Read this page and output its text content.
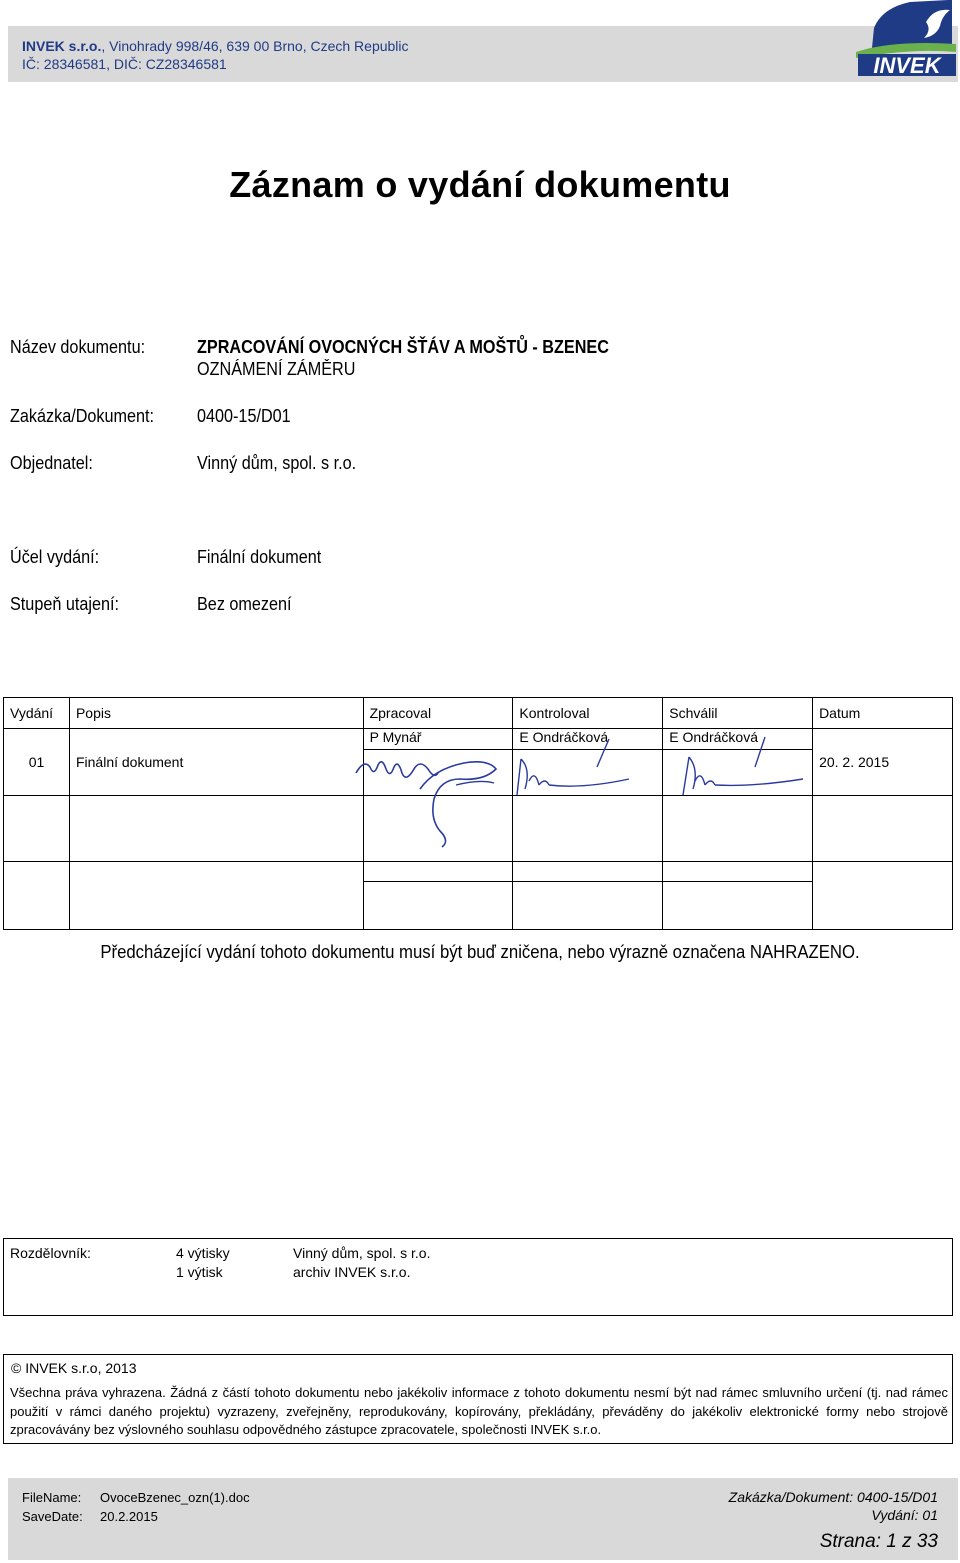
INVEK s.r.o., Vinohrady 998/46, 639 00 Brno, Czech Republic
IČ: 28346581, DIČ: CZ28346581	INVEK
Záznam o vydání dokumentu
Název dokumentu:	ZPRACOVÁNÍ OVOCNÝCH ŠŤÁV A MOŠTŮ - BZENEC
OZNÁMENÍ ZÁMĚRU
Zakázka/Dokument: 0400-15/D01
Objednatel:	Vinný dům, spol. s r.o.
Účel vydání:	Finální dokument
Stupeň utajení:	Bez omezení
Vydání	Popis	Zpracoval	Kontroloval	Schválil	Datum
01	Finální dokument	P Mynář	E Ondráčková	E Ondráčková	20. 2. 2015

Předcházející vydání tohoto dokumentu musí být buď zničena, nebo výrazně označena NAHRAZENO.
Rozdělovník:	4 výtisky	Vinný dům, spol. s r.o.
1 výtisk	archiv INVEK s.r.o.
© INVEK s.r.o, 2013
Všechna práva vyhrazena. Žádná z částí tohoto dokumentu nebo jakékoliv informace z tohoto dokumentu nesmí být nad rámec smluvního určení (tj. nad rámec použití v rámci daného projektu) vyzrazeny, zveřejněny, reprodukovány, kopírovány, překládány, převáděny do jakékoliv elektronické formy nebo strojově zpracovávány bez výslovného souhlasu odpovědného zástupce zpracovatele, společnosti INVEK s.r.o.
FileName: OvoceBzenec_ozn(1).doc
SaveDate: 20.2.2015
Zakázka/Dokument: 0400-15/D01
Vydání: 01
Strana: 1 z 33
